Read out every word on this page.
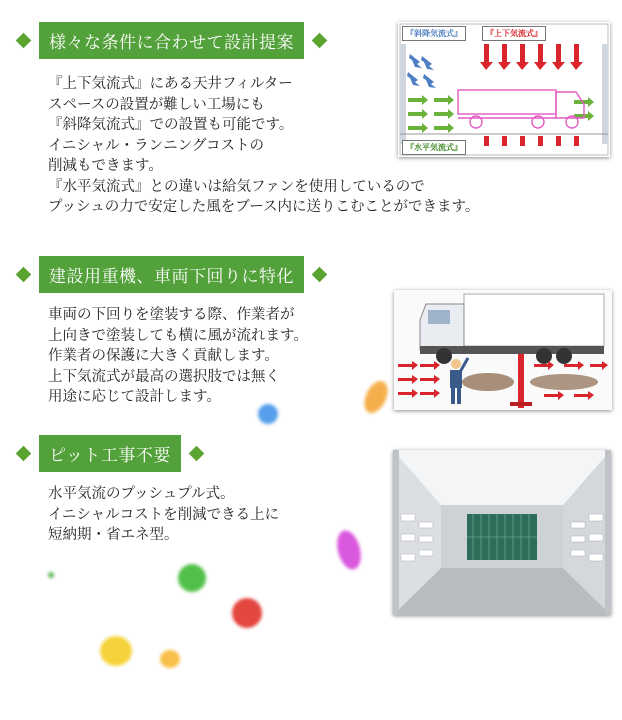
様々な条件に合わせて設計提案
『上下気流式』にある天井フィルター
スペースの設置が難しい工場にも
『斜降気流式』での設置も可能です。
イニシャル・ランニングコストの
削減もできます。
『水平気流式』との違いは給気ファンを使用しているので
プッシュの力で安定した風をブース内に送りこむことができます。
『斜降気流式』	『上下気流式』
『水平気流式』
建設用重機、車両下回りに特化
車両の下回りを塗装する際、作業者が
上向きで塗装しても横に風が流れます。
作業者の保護に大きく貢献します。
上下気流式が最高の選択肢では無く
用途に応じて設計します。
ピット工事不要
水平気流のプッシュプル式。
イニシャルコストを削減できる上に
短納期・省エネ型。
